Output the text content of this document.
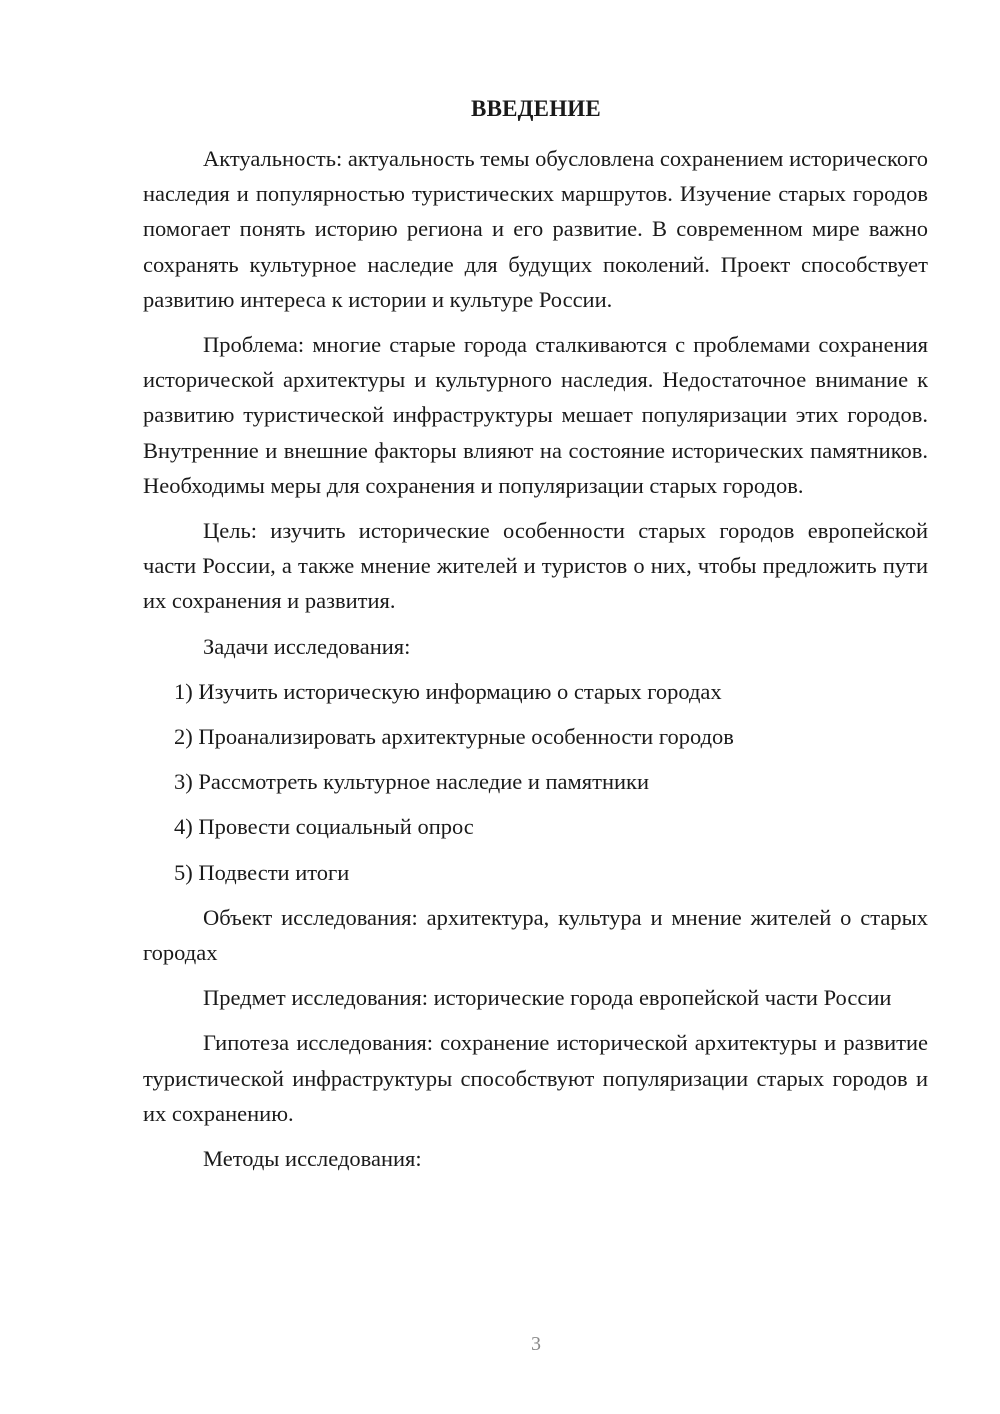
ВВЕДЕНИЕ

Актуальность: актуальность темы обусловлена сохранением исторического наследия и популярностью туристических маршрутов. Изучение старых городов помогает понять историю региона и его развитие. В современном мире важно сохранять культурное наследие для будущих поколений. Проект способствует развитию интереса к истории и культуре России.

Проблема: многие старые города сталкиваются с проблемами сохранения исторической архитектуры и культурного наследия. Недостаточное внимание к развитию туристической инфраструктуры мешает популяризации этих городов. Внутренние и внешние факторы влияют на состояние исторических памятников. Необходимы меры для сохранения и популяризации старых городов.

Цель: изучить исторические особенности старых городов европейской части России, а также мнение жителей и туристов о них, чтобы предложить пути их сохранения и развития.

Задачи исследования:

1) Изучить историческую информацию о старых городах
2) Проанализировать архитектурные особенности городов
3) Рассмотреть культурное наследие и памятники
4) Провести социальный опрос
5) Подвести итоги

Объект исследования: архитектура, культура и мнение жителей о старых городах

Предмет исследования: исторические города европейской части России

Гипотеза исследования: сохранение исторической архитектуры и развитие туристической инфраструктуры способствуют популяризации старых городов и их сохранению.

Методы исследования:

3
